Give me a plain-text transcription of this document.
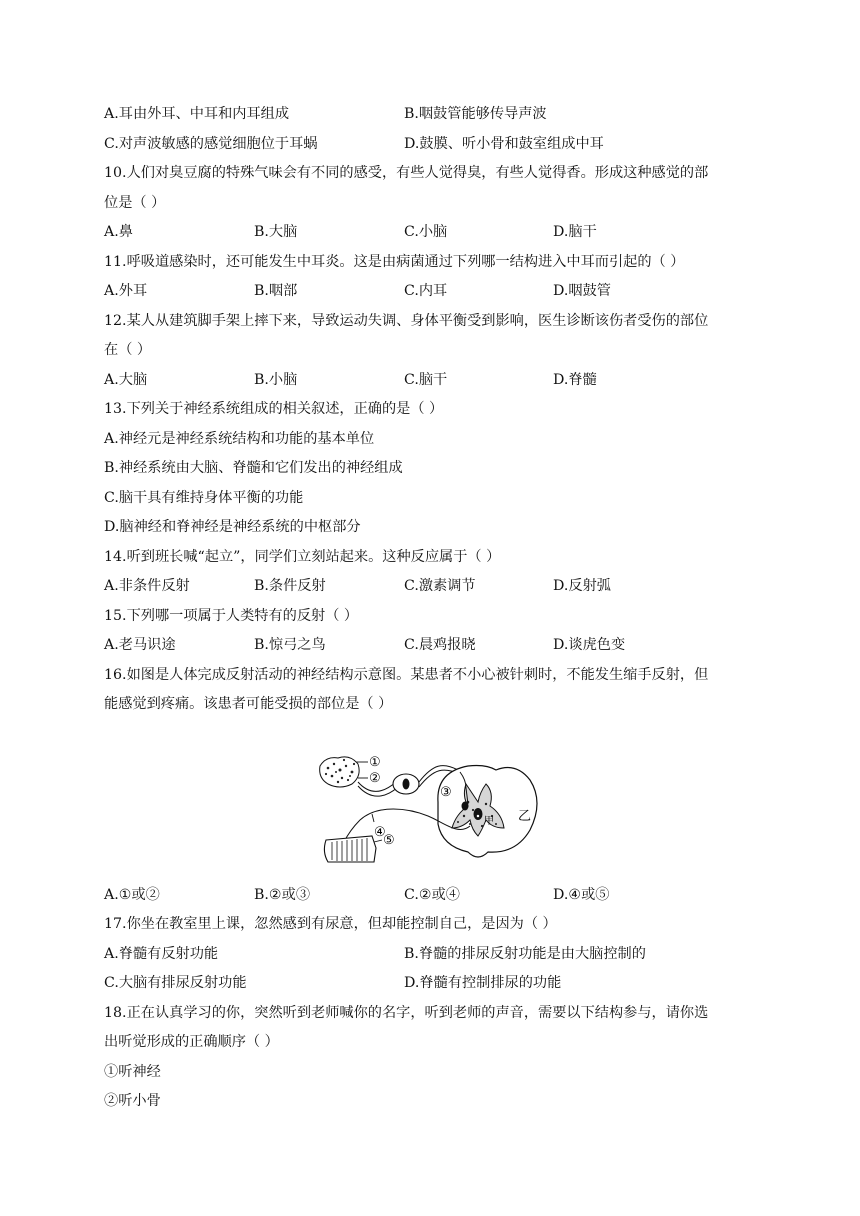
A.耳由外耳、中耳和内耳组成	B.咽鼓管能够传导声波
C.对声波敏感的感觉细胞位于耳蜗	D.鼓膜、听小骨和鼓室组成中耳
10.人们对臭豆腐的特殊气味会有不同的感受，有些人觉得臭，有些人觉得香。形成这种感觉的部
位是（ ）
A.鼻	B.大脑	C.小脑	D.脑干
11.呼吸道感染时，还可能发生中耳炎。这是由病菌通过下列哪一结构进入中耳而引起的（ ）
A.外耳	B.咽部	C.内耳	D.咽鼓管
12.某人从建筑脚手架上摔下来，导致运动失调、身体平衡受到影响，医生诊断该伤者受伤的部位
在（ ）
A.大脑	B.小脑	C.脑干	D.脊髓
13.下列关于神经系统组成的相关叙述，正确的是（ ）
A.神经元是神经系统结构和功能的基本单位
B.神经系统由大脑、脊髓和它们发出的神经组成
C.脑干具有维持身体平衡的功能
D.脑神经和脊神经是神经系统的中枢部分
14.听到班长喊“起立”，同学们立刻站起来。这种反应属于（ ）
A.非条件反射	B.条件反射	C.激素调节	D.反射弧
15.下列哪一项属于人类特有的反射（ ）
A.老马识途	B.惊弓之鸟	C.晨鸡报晓	D.谈虎色变
16.如图是人体完成反射活动的神经结构示意图。某患者不小心被针刺时，不能发生缩手反射，但
能感觉到疼痛。该患者可能受损的部位是（ ）
①
②
③
甲 乙
④
⑤
A.①或②	B.②或③	C.②或④	D.④或⑤
17.你坐在教室里上课，忽然感到有尿意，但却能控制自己，是因为（ ）
A.脊髓有反射功能	B.脊髓的排尿反射功能是由大脑控制的
C.大脑有排尿反射功能	D.脊髓有控制排尿的功能
18.正在认真学习的你，突然听到老师喊你的名字，听到老师的声音，需要以下结构参与，请你选
出听觉形成的正确顺序（ ）
①听神经
②听小骨
